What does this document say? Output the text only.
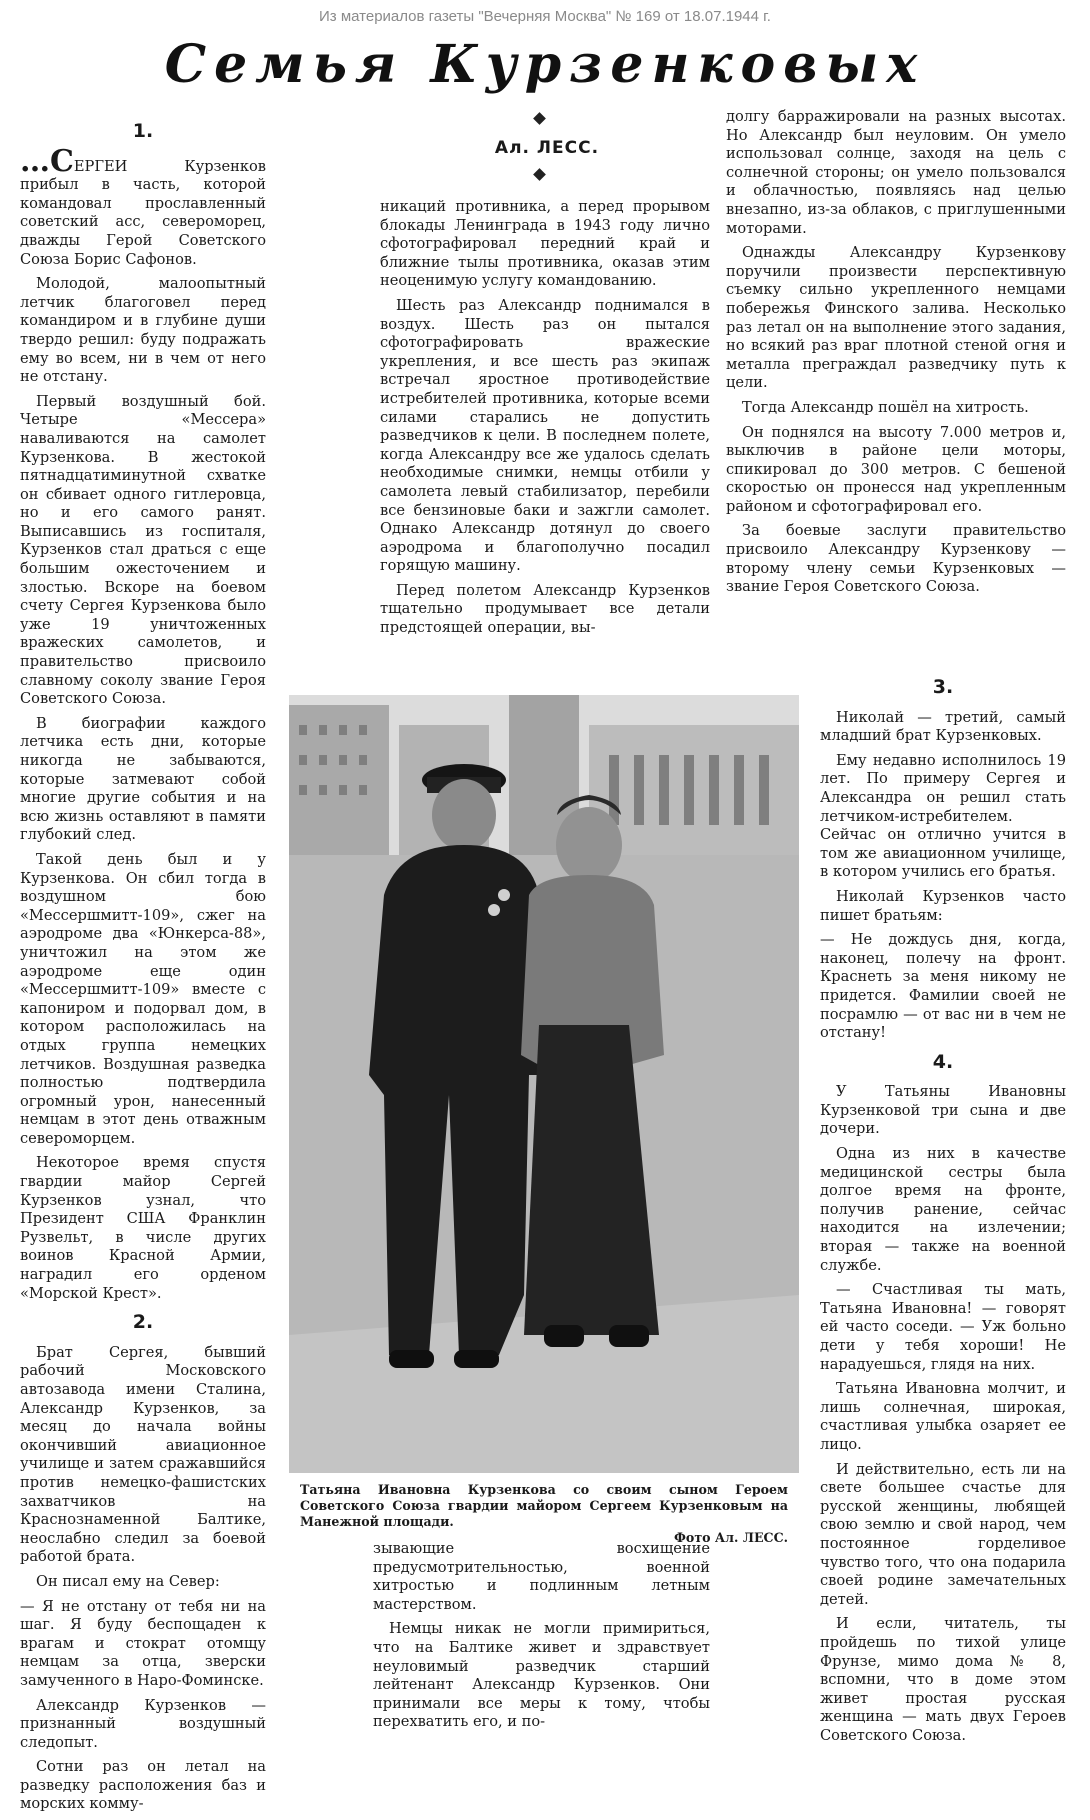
Из материалов газеты "Вечерняя Москва" № 169 от 18.07.1944 г.
Семья Курзенковых
Ал. ЛЕСС.

1.

…СЕРГЕИ Курзенков прибыл в часть, которой командовал прославленный советский асс, североморец, дважды Герой Советского Союза Борис Сафонов.

Молодой, малоопытный летчик благоговел перед командиром и в глубине души твердо решил: буду подражать ему во всем, ни в чем от него не отстану.

Первый воздушный бой. Четыре «Мессера» наваливаются на самолет Курзенкова. В жестокой пятнадцатиминутной схватке он сбивает одного гитлеровца, но и его самого ранят. Выписавшись из госпиталя, Курзенков стал драться с еще большим ожесточением и злостью. Вскоре на боевом счету Сергея Курзенкова было уже 19 уничтоженных вражеских самолетов, и правительство присвоило славному соколу звание Героя Советского Союза.

В биографии каждого летчика есть дни, которые никогда не забываются, которые затмевают собой многие другие события и на всю жизнь оставляют в памяти глубокий след.

Такой день был и у Курзенкова. Он сбил тогда в воздушном бою «Мессершмитт-109», сжег на аэродроме два «Юнкерса-88», уничтожил на этом же аэродроме еще один «Мессершмитт-109» вместе с капониром и подорвал дом, в котором расположилась на отдых группа немецких летчиков. Воздушная разведка полностью подтвердила огромный урон, нанесенный немцам в этот день отважным североморцем.

Некоторое время спустя гвардии майор Сергей Курзенков узнал, что Президент США Франклин Рузвельт, в числе других воинов Красной Армии, наградил его орденом «Морской Крест».

2.

Брат Сергея, бывший рабочий Московского автозавода имени Сталина, Александр Курзенков, за месяц до начала войны окончивший авиационное училище и затем сражавшийся против немецко-фашистских захватчиков на Краснознаменной Балтике, неослабно следил за боевой работой брата.

Он писал ему на Север:

— Я не отстану от тебя ни на шаг. Я буду беспощаден к врагам и стократ отомщу немцам за отца, зверски замученного в Наро-Фоминске.

Александр Курзенков — признанный воздушный следопыт.

Сотни раз он летал на разведку расположения баз и морских комму-

никаций противника, а перед прорывом блокады Ленинграда в 1943 году лично сфотографировал передний край и ближние тылы противника, оказав этим неоценимую услугу командованию.

Шесть раз Александр поднимался в воздух. Шесть раз он пытался сфотографировать вражеские укрепления, и все шесть раз экипаж встречал яростное противодействие истребителей противника, которые всеми силами старались не допустить разведчиков к цели. В последнем полете, когда Александру все же удалось сделать необходимые снимки, немцы отбили у самолета левый стабилизатор, перебили все бензиновые баки и зажгли самолет. Однако Александр дотянул до своего аэродрома и благополучно посадил горящую машину.

Перед полетом Александр Курзенков тщательно продумывает все детали предстоящей операции, вы-

зывающие восхищение предусмотрительностью, военной хитростью и подлинным летным мастерством.

Немцы никак не могли примириться, что на Балтике живет и здравствует неуловимый разведчик старший лейтенант Александр Курзенков. Они принимали все меры к тому, чтобы перехватить его, и по-

долгу барражировали на разных высотах. Но Александр был неуловим. Он умело использовал солнце, заходя на цель с солнечной стороны; он умело пользовался и облачностью, появляясь над целью внезапно, из-за облаков, с приглушенными моторами.

Однажды Александру Курзенкову поручили произвести перспективную съемку сильно укрепленного немцами побережья Финского залива. Несколько раз летал он на выполнение этого задания, но всякий раз враг плотной стеной огня и металла преграждал разведчику путь к цели.

Тогда Александр пошёл на хитрость.

Он поднялся на высоту 7.000 метров и, выключив в районе цели моторы, спикировал до 300 метров. С бешеной скоростью он пронесся над укрепленным районом и сфотографировал его.

За боевые заслуги правительство присвоило Александру Курзенкову — второму члену семьи Курзенковых — звание Героя Советского Союза.

3.

Николай — третий, самый младший брат Курзенковых.

Ему недавно исполнилось 19 лет. По примеру Сергея и Александра он решил стать летчиком-истребителем. Сейчас он отлично учится в том же авиационном училище, в котором учились его братья.

Николай Курзенков часто пишет братьям:

— Не дождусь дня, когда, наконец, полечу на фронт. Краснеть за меня никому не придется. Фамилии своей не посрамлю — от вас ни в чем не отстану!

4.

У Татьяны Ивановны Курзенковой три сына и две дочери.

Одна из них в качестве медицинской сестры была долгое время на фронте, получив ранение, сейчас находится на излечении; вторая — также на военной службе.

— Счастливая ты мать, Татьяна Ивановна! — говорят ей часто соседи. — Уж больно дети у тебя хороши! Не нарадуешься, глядя на них.

Татьяна Ивановна молчит, и лишь солнечная, широкая, счастливая улыбка озаряет ее лицо.

И действительно, есть ли на свете большее счастье для русской женщины, любящей свою землю и свой народ, чем постоянное горделивое чувство того, что она подарила своей родине замечательных детей.

И если, читатель, ты пройдешь по тихой улице Фрунзе, мимо дома № 8, вспомни, что в доме этом живет простая русская женщина — мать двух Героев Советского Союза.

Татьяна Ивановна Курзенкова со своим сыном Героем Советского Союза гвардии майором Сергеем Курзенковым на Манежной площади.
Фото Ал. ЛЕСС.
